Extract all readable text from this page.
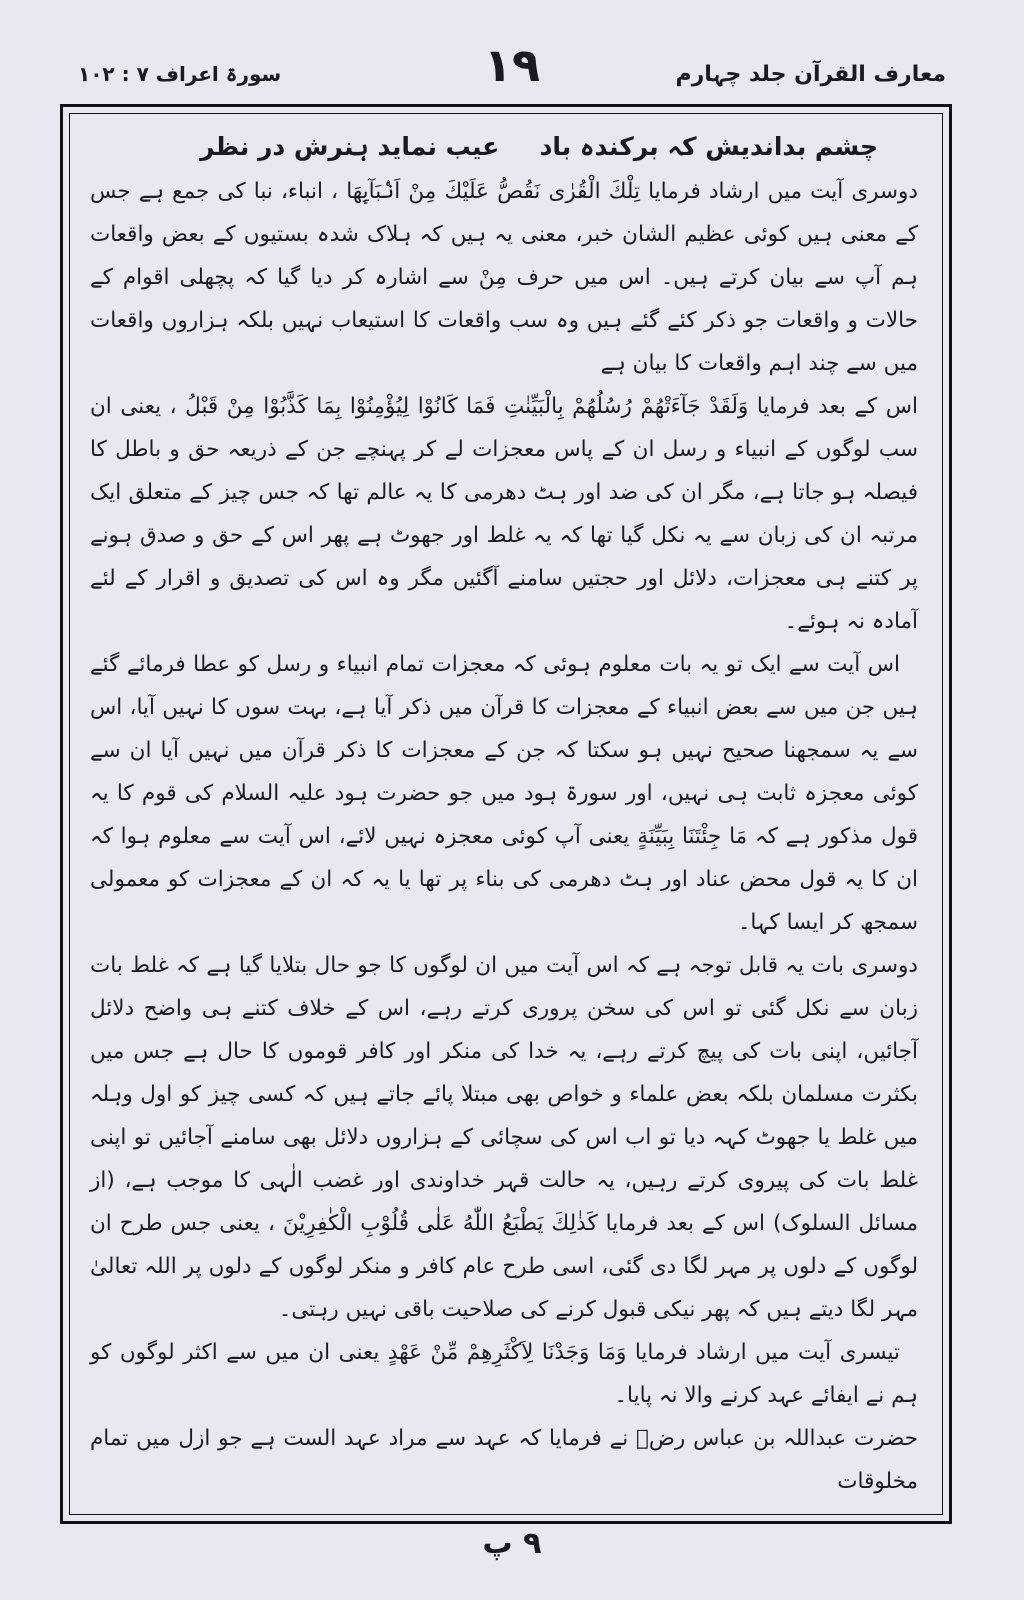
سورۃ اعراف ۷ : ۱۰۲	۱۹	معارف القرآن جلد چہارم
چشم بداندیش کہ برکندہ باد
عیب نماید ہنرش در نظر

دوسری آیت میں ارشاد فرمایا تِلْكَ الْقُرٰى نَقُصُّ عَلَيْكَ مِنْ اَنْۢبَآىِٕهَا ، انباء، نبا کی جمع ہے جس کے معنی ہیں کوئی عظیم الشان خبر، معنی یہ ہیں کہ ہلاک شدہ بستیوں کے بعض واقعات ہم آپ سے بیان کرتے ہیں۔ اس میں حرف مِنْ سے اشارہ کر دیا گیا کہ پچھلی اقوام کے حالات و واقعات جو ذکر کئے گئے ہیں وہ سب واقعات کا استیعاب نہیں بلکہ ہزاروں واقعات میں سے چند اہم واقعات کا بیان ہے

اس کے بعد فرمایا وَلَقَدْ جَآءَتْهُمْ رُسُلُهُمْ بِالْبَيِّنٰتِ فَمَا كَانُوْا لِيُؤْمِنُوْا بِمَا كَذَّبُوْا مِنْ قَبْلُ ، یعنی ان سب لوگوں کے انبیاء و رسل ان کے پاس معجزات لے کر پہنچے جن کے ذریعہ حق و باطل کا فیصلہ ہو جاتا ہے، مگر ان کی ضد اور ہٹ دھرمی کا یہ عالم تھا کہ جس چیز کے متعلق ایک مرتبہ ان کی زبان سے یہ نکل گیا تھا کہ یہ غلط اور جھوٹ ہے پھر اس کے حق و صدق ہونے پر کتنے ہی معجزات، دلائل اور حجتیں سامنے آگئیں مگر وہ اس کی تصدیق و اقرار کے لئے آمادہ نہ ہوئے۔

اس آیت سے ایک تو یہ بات معلوم ہوئی کہ معجزات تمام انبیاء و رسل کو عطا فرمائے گئے ہیں جن میں سے بعض انبیاء کے معجزات کا قرآن میں ذکر آیا ہے، بہت سوں کا نہیں آیا، اس سے یہ سمجھنا صحیح نہیں ہو سکتا کہ جن کے معجزات کا ذکر قرآن میں نہیں آیا ان سے کوئی معجزہ ثابت ہی نہیں، اور سورۃ ہود میں جو حضرت ہود علیہ السلام کی قوم کا یہ قول مذکور ہے کہ مَا جِئْتَنَا بِبَيِّنَةٍ یعنی آپ کوئی معجزہ نہیں لائے، اس آیت سے معلوم ہوا کہ ان کا یہ قول محض عناد اور ہٹ دھرمی کی بناء پر تھا یا یہ کہ ان کے معجزات کو معمولی سمجھ کر ایسا کہا۔

دوسری بات یہ قابل توجہ ہے کہ اس آیت میں ان لوگوں کا جو حال بتلایا گیا ہے کہ غلط بات زبان سے نکل گئی تو اس کی سخن پروری کرتے رہے، اس کے خلاف کتنے ہی واضح دلائل آجائیں، اپنی بات کی پیچ کرتے رہے، یہ خدا کی منکر اور کافر قوموں کا حال ہے جس میں بکثرت مسلمان بلکہ بعض علماء و خواص بھی مبتلا پائے جاتے ہیں کہ کسی چیز کو اول وہلہ میں غلط یا جھوٹ کہہ دیا تو اب اس کی سچائی کے ہزاروں دلائل بھی سامنے آجائیں تو اپنی غلط بات کی پیروی کرتے رہیں، یہ حالت قہر خداوندی اور غضب الٰہی کا موجب ہے، (از مسائل السلوک) اس کے بعد فرمایا كَذٰلِكَ يَطْبَعُ اللّٰهُ عَلٰى قُلُوْبِ الْكٰفِرِيْنَ ، یعنی جس طرح ان لوگوں کے دلوں پر مہر لگا دی گئی، اسی طرح عام کافر و منکر لوگوں کے دلوں پر اللہ تعالیٰ مہر لگا دیتے ہیں کہ پھر نیکی قبول کرنے کی صلاحیت باقی نہیں رہتی۔

تیسری آیت میں ارشاد فرمایا وَمَا وَجَدْنَا لِاَكْثَرِهِمْ مِّنْ عَهْدٍ یعنی ان میں سے اکثر لوگوں کو ہم نے ایفائے عہد کرنے والا نہ پایا۔

حضرت عبداللہ بن عباس رضؓ نے فرمایا کہ عہد سے مراد عہد الست ہے جو ازل میں تمام مخلوقات

۹ پ
